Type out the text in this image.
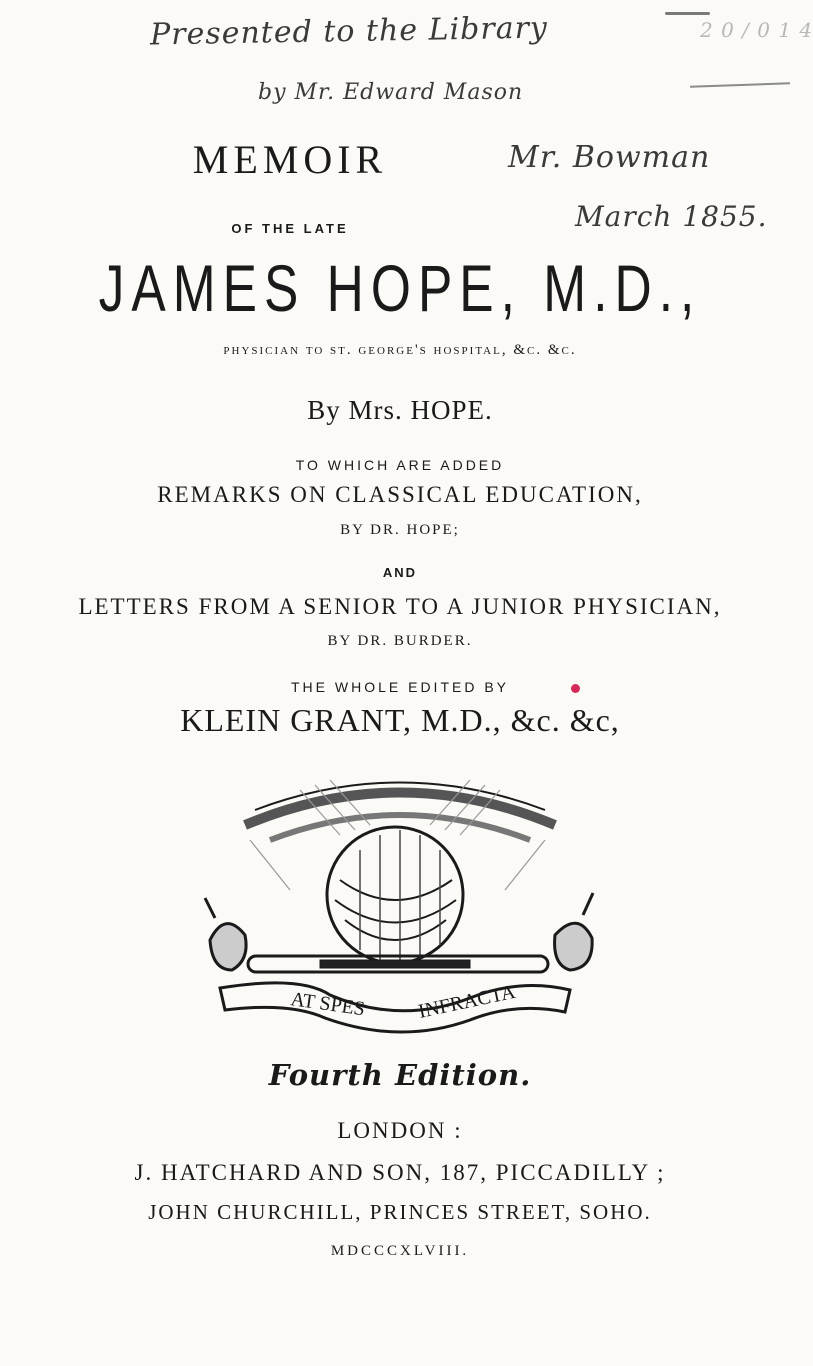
Presented to the Library
by Mr. Edward Mason
Mr. Bowman
March 1855.
2 0 / 0 1 4
MEMOIR
OF THE LATE
JAMES HOPE, M.D.,
physician to st. george's hospital, &c. &c.
By Mrs. HOPE.
TO WHICH ARE ADDED
REMARKS ON CLASSICAL EDUCATION,
BY DR. HOPE;
AND
LETTERS FROM A SENIOR TO A JUNIOR PHYSICIAN,
BY DR. BURDER.
THE WHOLE EDITED BY
KLEIN GRANT, M.D., &c. &c,
AT SPES	INFRACTA
Fourth Edition.
LONDON :
J. HATCHARD AND SON, 187, PICCADILLY ;
JOHN CHURCHILL, PRINCES STREET, SOHO.
MDCCCXLVIII.
